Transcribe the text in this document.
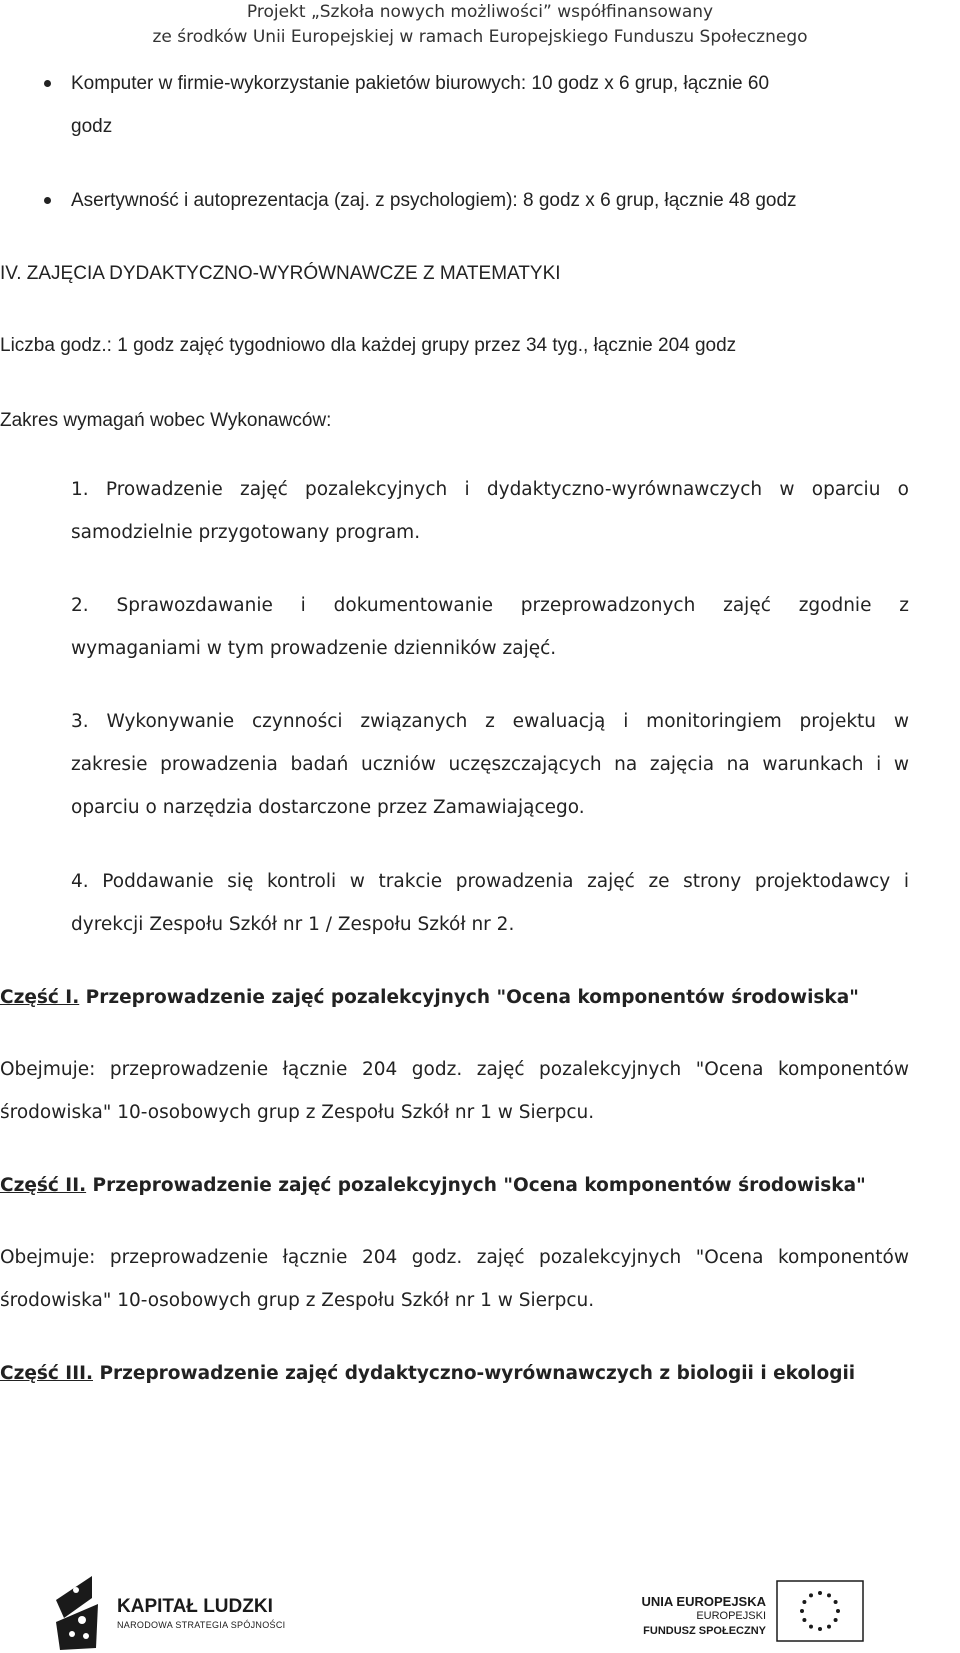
Projekt „Szkoła nowych możliwości” współfinansowany
ze środków Unii Europejskiej w ramach Europejskiego Funduszu Społecznego
Komputer w firmie-wykorzystanie pakietów biurowych: 10 godz x 6 grup, łącznie 60
godz
Asertywność i autoprezentacja (zaj. z psychologiem): 8 godz x 6 grup, łącznie 48 godz
IV. ZAJĘCIA DYDAKTYCZNO-WYRÓWNAWCZE Z MATEMATYKI
Liczba godz.: 1 godz zajęć tygodniowo dla każdej grupy przez 34 tyg., łącznie 204 godz
Zakres wymagań wobec Wykonawców:
1. Prowadzenie zajęć pozalekcyjnych i dydaktyczno-wyrównawczych w oparciu o
samodzielnie przygotowany program.
2. Sprawozdawanie i dokumentowanie przeprowadzonych zajęć zgodnie z
wymaganiami w tym prowadzenie dzienników zajęć.
3. Wykonywanie czynności związanych z ewaluacją i monitoringiem projektu w
zakresie prowadzenia badań uczniów uczęszczających na zajęcia na warunkach i w
oparciu o narzędzia dostarczone przez Zamawiającego.
4. Poddawanie się kontroli w trakcie prowadzenia zajęć ze strony projektodawcy i
dyrekcji Zespołu Szkół nr 1 / Zespołu Szkół nr 2.
Część I. Przeprowadzenie zajęć pozalekcyjnych "Ocena komponentów środowiska"
Obejmuje: przeprowadzenie łącznie 204 godz. zajęć pozalekcyjnych "Ocena komponentów
środowiska" 10-osobowych grup z Zespołu Szkół nr 1 w Sierpcu.
Część II. Przeprowadzenie zajęć pozalekcyjnych "Ocena komponentów środowiska"
Obejmuje: przeprowadzenie łącznie 204 godz. zajęć pozalekcyjnych "Ocena komponentów
środowiska" 10-osobowych grup z Zespołu Szkół nr 1 w Sierpcu.
Część III. Przeprowadzenie zajęć dydaktyczno-wyrównawczych z biologii i ekologii
KAPITAŁ LUDZKI
NARODOWA STRATEGIA SPÓJNOŚCI
UNIA EUROPEJSKA
EUROPEJSKI
FUNDUSZ SPOŁECZNY
